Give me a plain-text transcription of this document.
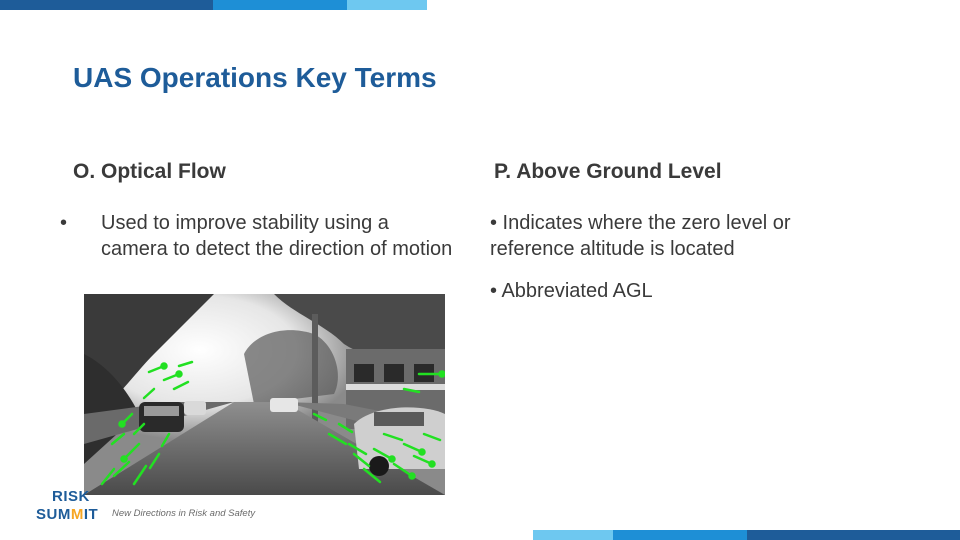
UAS Operations Key Terms
O. Optical Flow	P. Above Ground Level
•	Used to improve stability using a camera to detect the direction of motion
• Indicates where the zero level or reference altitude is located
• Abbreviated AGL
RISK
SUMMIT New Directions in Risk and Safety
